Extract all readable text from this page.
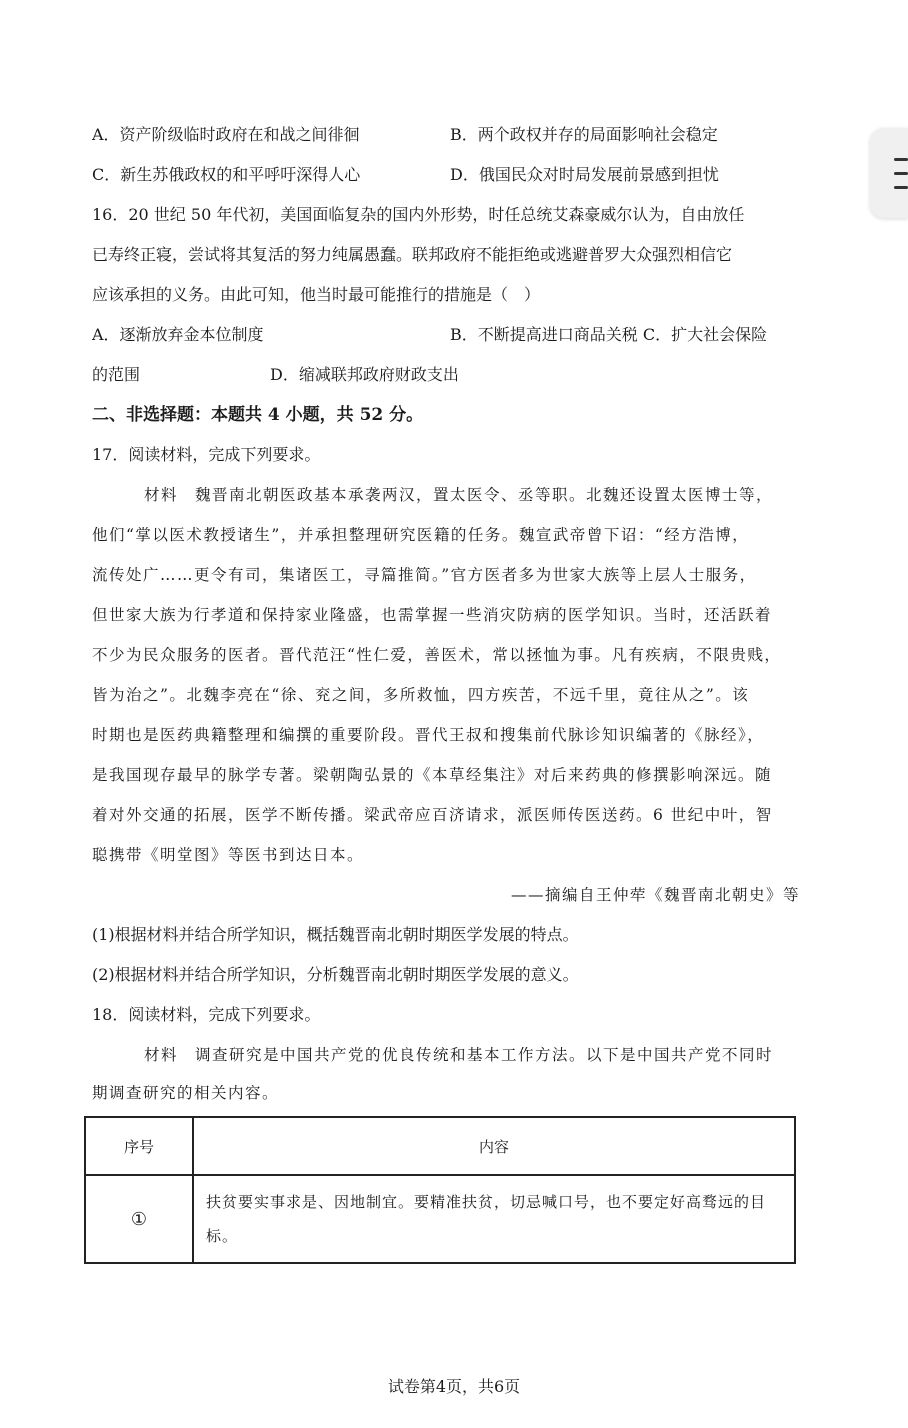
A．资产阶级临时政府在和战之间徘徊	B．两个政权并存的局面影响社会稳定
C．新生苏俄政权的和平呼吁深得人心	D．俄国民众对时局发展前景感到担忧
16．20 世纪 50 年代初，美国面临复杂的国内外形势，时任总统艾森豪威尔认为，自由放任
已寿终正寝，尝试将其复活的努力纯属愚蠢。联邦政府不能拒绝或逃避普罗大众强烈相信它
应该承担的义务。由此可知，他当时最可能推行的措施是（　）
A．逐渐放弃金本位制度	B．不断提高进口商品关税 C．扩大社会保险
的范围	D．缩减联邦政府财政支出
二、非选择题：本题共 4 小题，共 52 分。
17．阅读材料，完成下列要求。
材料　魏晋南北朝医政基本承袭两汉，置太医令、丞等职。北魏还设置太医博士等，
他们“掌以医术教授诸生”，并承担整理研究医籍的任务。魏宣武帝曾下诏：“经方浩博，
流传处广……更令有司，集诸医工，寻篇推简。”官方医者多为世家大族等上层人士服务，
但世家大族为行孝道和保持家业隆盛，也需掌握一些消灾防病的医学知识。当时，还活跃着
不少为民众服务的医者。晋代范汪“性仁爱，善医术，常以拯恤为事。凡有疾病，不限贵贱，
皆为治之”。北魏李亮在“徐、兖之间，多所救恤，四方疾苦，不远千里，竟往从之”。该
时期也是医药典籍整理和编撰的重要阶段。晋代王叔和搜集前代脉诊知识编著的《脉经》，
是我国现存最早的脉学专著。梁朝陶弘景的《本草经集注》对后来药典的修撰影响深远。随
着对外交通的拓展，医学不断传播。梁武帝应百济请求，派医师传医送药。6 世纪中叶，智
聪携带《明堂图》等医书到达日本。
——摘编自王仲荦《魏晋南北朝史》等
(1)根据材料并结合所学知识，概括魏晋南北朝时期医学发展的特点。
(2)根据材料并结合所学知识，分析魏晋南北朝时期医学发展的意义。
18．阅读材料，完成下列要求。
材料　调查研究是中国共产党的优良传统和基本工作方法。以下是中国共产党不同时
期调查研究的相关内容。
序号	内容
①	扶贫要实事求是、因地制宜。要精准扶贫，切忌喊口号，也不要定好高骛远的目标。
试卷第4页，共6页
